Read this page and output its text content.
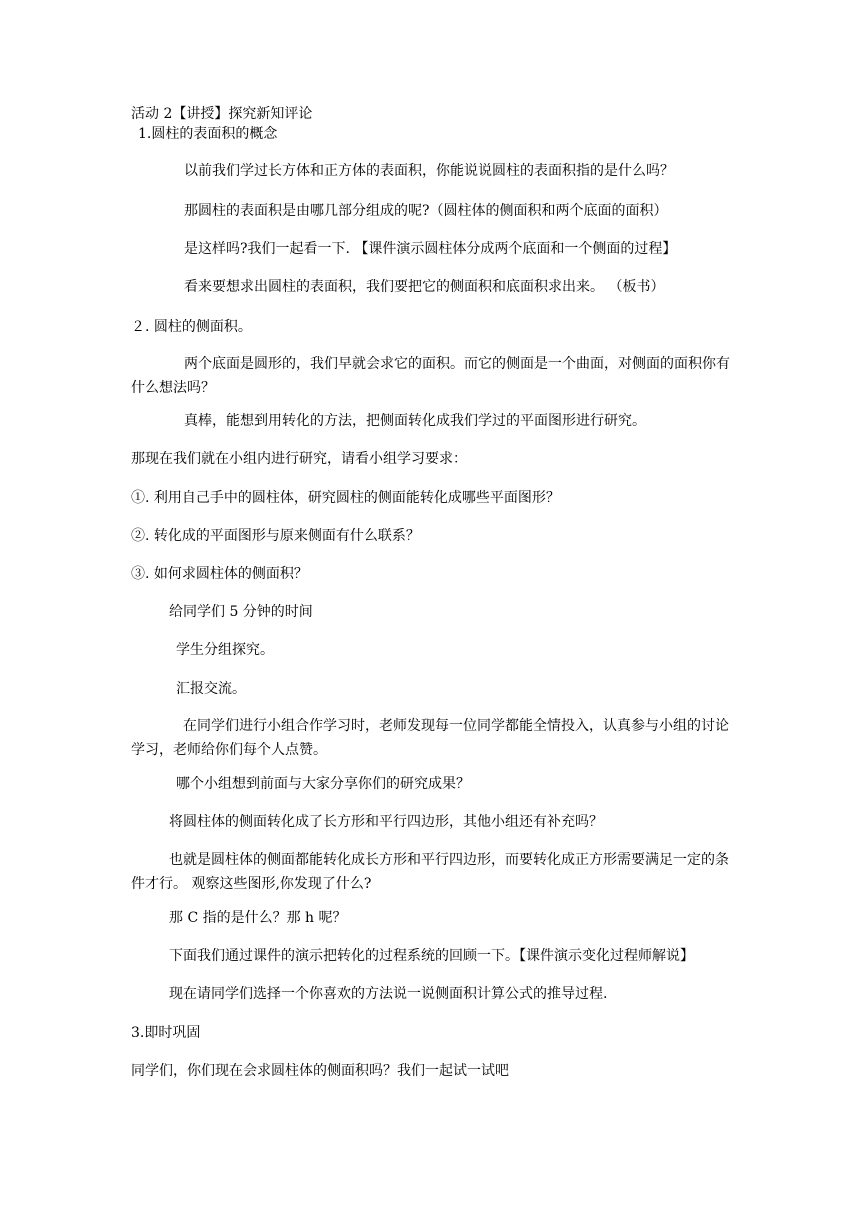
活动 2【讲授】探究新知评论
1.圆柱的表面积的概念
以前我们学过长方体和正方体的表面积，你能说说圆柱的表面积指的是什么吗？
那圆柱的表面积是由哪几部分组成的呢?（圆柱体的侧面积和两个底面的面积）
是这样吗?我们一起看一下. 【课件演示圆柱体分成两个底面和一个侧面的过程】
看来要想求出圆柱的表面积，我们要把它的侧面积和底面积求出来。 （板书）
２. 圆柱的侧面积。
两个底面是圆形的，我们早就会求它的面积。而它的侧面是一个曲面，对侧面的面积你有什么想法吗？
真棒，能想到用转化的方法，把侧面转化成我们学过的平面图形进行研究。
那现在我们就在小组内进行研究，请看小组学习要求：
①. 利用自己手中的圆柱体，研究圆柱的侧面能转化成哪些平面图形？
②. 转化成的平面图形与原来侧面有什么联系？
③. 如何求圆柱体的侧面积？
给同学们 5 分钟的时间
学生分组探究。
汇报交流。
在同学们进行小组合作学习时，老师发现每一位同学都能全情投入，认真参与小组的讨论学习，老师给你们每个人点赞。
哪个小组想到前面与大家分享你们的研究成果？
将圆柱体的侧面转化成了长方形和平行四边形，其他小组还有补充吗？
也就是圆柱体的侧面都能转化成长方形和平行四边形，而要转化成正方形需要满足一定的条件才行。 观察这些图形,你发现了什么?
那 C 指的是什么？那 h 呢？
下面我们通过课件的演示把转化的过程系统的回顾一下。【课件演示变化过程师解说】
现在请同学们选择一个你喜欢的方法说一说侧面积计算公式的推导过程.
3.即时巩固
同学们，你们现在会求圆柱体的侧面积吗？我们一起试一试吧
